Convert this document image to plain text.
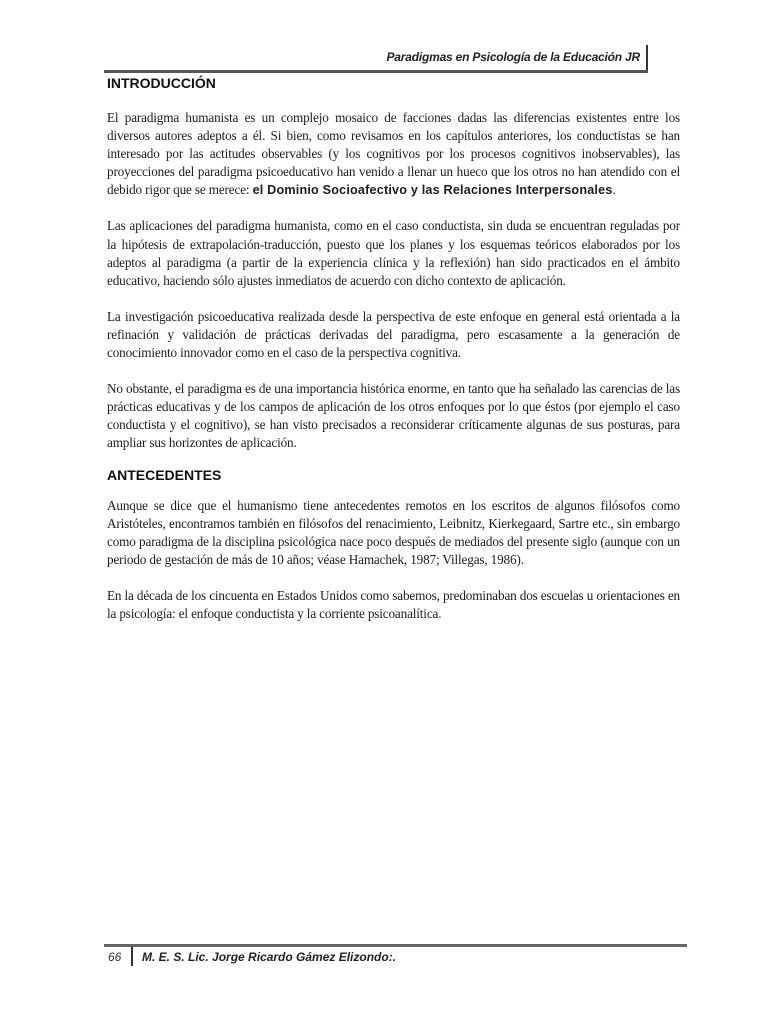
Paradigmas en Psicología de la Educación JR
INTRODUCCIÓN

El paradigma humanista es un complejo mosaico de facciones dadas las diferencias existentes entre los diversos autores adeptos a él. Si bien, como revisamos en los capítulos anteriores, los conductistas se han interesado por las actitudes observables (y los cognitivos por los procesos cognitivos inobservables), las proyecciones del paradigma psicoeducativo han venido a llenar un hueco que los otros no han atendido con el debido rigor que se merece: el Dominio Socioafectivo y las Relaciones Interpersonales.

Las aplicaciones del paradigma humanista, como en el caso conductista, sin duda se encuentran reguladas por la hipótesis de extrapolación-traducción, puesto que los planes y los esquemas teóricos elaborados por los adeptos al paradigma (a partir de la experiencia clínica y la reflexión) han sido practicados en el ámbito educativo, haciendo sólo ajustes inmediatos de acuerdo con dicho contexto de aplicación.

La investigación psicoeducativa realizada desde la perspectiva de este enfoque en general está orientada a la refinación y validación de prácticas derivadas del paradigma, pero escasamente a la generación de conocimiento innovador como en el caso de la perspectiva cognitiva.

No obstante, el paradigma es de una importancia histórica enorme, en tanto que ha señalado las carencias de las prácticas educativas y de los campos de aplicación de los otros enfoques por lo que éstos (por ejemplo el caso conductista y el cognitivo), se han visto precisados a reconsiderar críticamente algunas de sus posturas, para ampliar sus horizontes de aplicación.

ANTECEDENTES

Aunque se dice que el humanismo tiene antecedentes remotos en los escritos de algunos filósofos como Aristóteles, encontramos también en filósofos del renacimiento, Leibnitz, Kierkegaard, Sartre etc., sin embargo como paradigma de la disciplina psicológica nace poco después de mediados del presente siglo (aunque con un periodo de gestación de más de 10 años; véase Hamachek, 1987; Villegas, 1986).

En la década de los cincuenta en Estados Unidos como sabemos, predominaban dos escuelas u orientaciones en la psicología: el enfoque conductista y la corriente psicoanalítica.

66 M. E. S. Lic. Jorge Ricardo Gámez Elizondo:.
